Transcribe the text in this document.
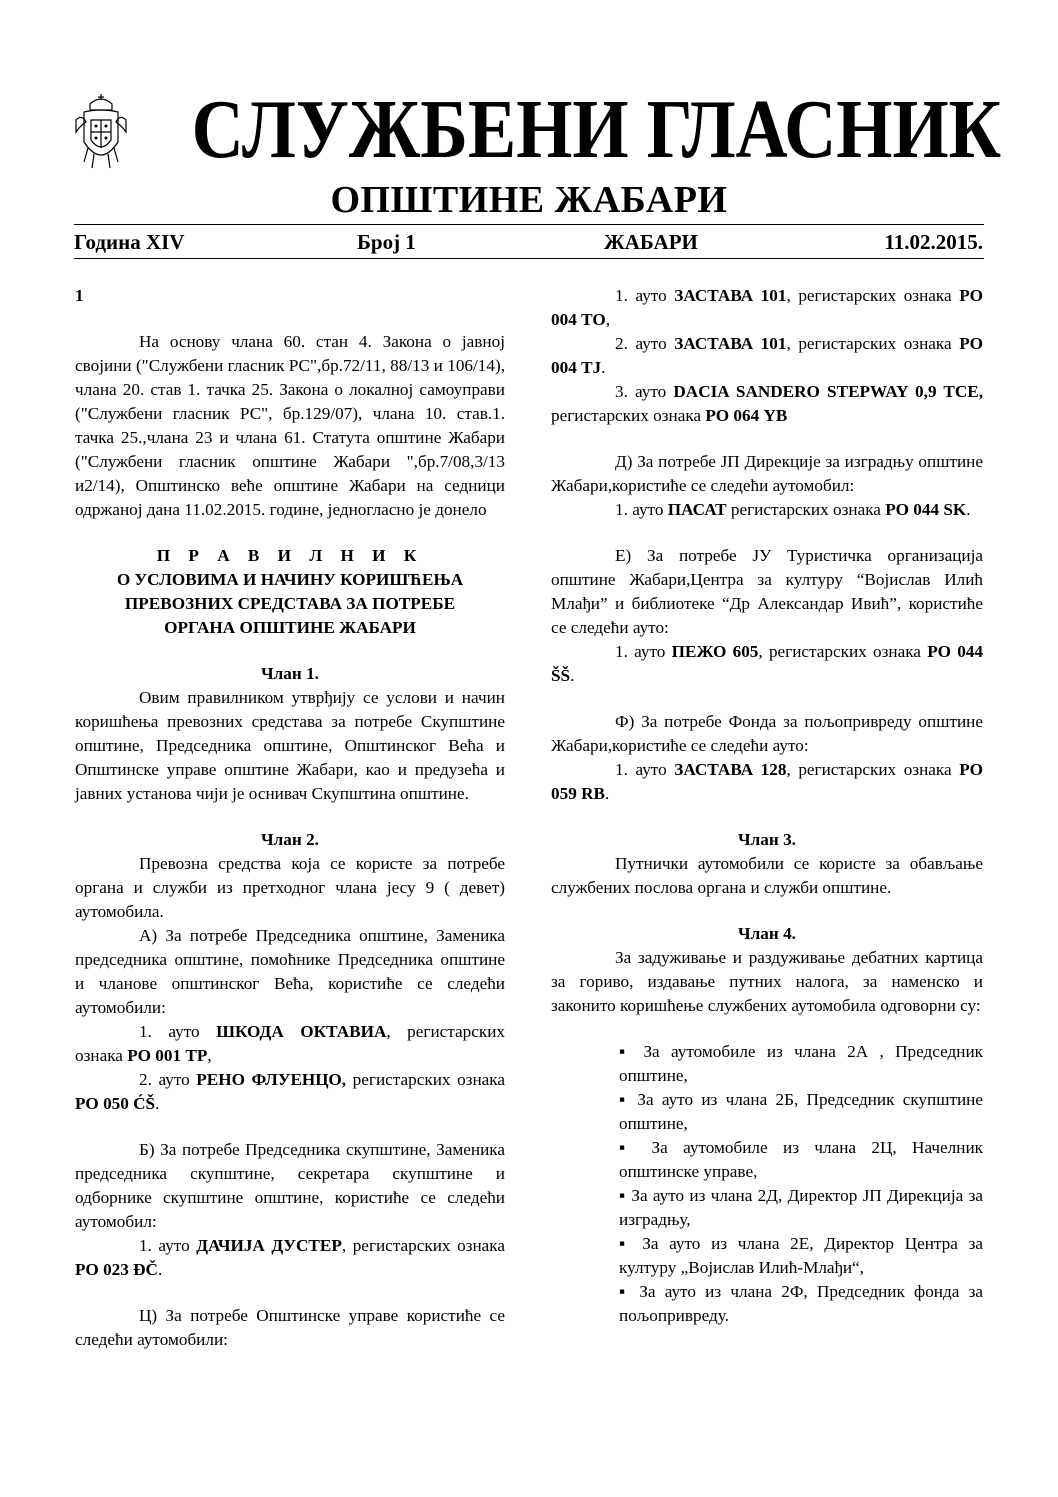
СЛУЖБЕНИ ГЛАСНИК
ОПШТИНЕ ЖАБАРИ
Година XIV	Број 1	ЖАБАРИ	11.02.2015.
1
На основу члана 60. стан 4. Закона о јавној својини ("Службени гласник РС",бр.72/11, 88/13 и 106/14), члана 20. став 1. тачка 25. Закона о локалној самоуправи ("Службени гласник РС", бр.129/07), члана 10. став.1. тачка 25.,члана 23 и члана 61. Статута општине Жабари ("Службени гласник општине Жабари ",бр.7/08,3/13 и2/14), Општинско веће општине Жабари на седници одржаној дана 11.02.2015. године, једногласно је донело
П Р А В И Л Н И К
О УСЛОВИМА И НАЧИНУ КОРИШЋЕЊА
ПРЕВОЗНИХ СРЕДСТАВА ЗА ПОТРЕБЕ
ОРГАНА ОПШТИНЕ ЖАБАРИ
Члан 1.
Овим правилником утврђију се услови и начин коришћења превозних средстава за потребе Скупштине општине, Председника општине, Општинског Већа и Општинске управе општине Жабари, као и предузећа и јавних установа чији је оснивач Скупштина општине.
Члан 2.
Превозна средства која се користе за потребе органа и служби из претходног члана јесу 9 ( девет) аутомобила.
А) За потребе Председника општине, Заменика председника општине, помоћнике Председника општине и чланове општинског Већа, користиће се следећи аутомобили:
1. ауто ШКОДА ОКТАВИА, регистарских ознака РО 001 ТР,
2. ауто РЕНО ФЛУЕНЦО, регистарских ознака РО 050 ĆŠ.
Б) За потребе Председника скупштине, Заменика председника скупштине, секретара скупштине и одборнике скупштине општине, користиће се следећи аутомобил:
1. ауто ДАЧИЈА ДУСТЕР, регистарских ознака РО 023 ĐČ.
Ц) За потребе Општинске управе користиће се следећи аутомобили:
1. ауто ЗАСТАВА 101, регистарских ознака РО 004 ТО,
2. ауто ЗАСТАВА 101, регистарских ознака РО 004 TJ.
3. ауто DACIA SANDERO STEPWAY 0,9 TCE, регистарских ознака РО 064 YB
Д) За потребе ЈП Дирекције за изградњу општине Жабари,користиће се следећи аутомобил:
1. ауто ПАСАТ регистарских ознака РО 044 SK.
Е) За потребе ЈУ Туристичка организација општине Жабари,Центра за културу “Војислав Илић Млађи” и библиотеке “Др Александар Ивић”, користиће се следећи ауто:
1. ауто ПЕЖО 605, регистарских ознака РО 044 ŠŠ.
Ф) За потребе Фонда за пољопривреду општине Жабари,користиће се следећи ауто:
1. ауто ЗАСТАВА 128, регистарских ознака РО 059 RB.
Члан 3.
Путнички аутомобили се користе за обављање службених послова органа и служби општине.
Члан 4.
За задуживање и раздуживање дебатних картица за гориво, издавање путних налога, за наменско и законито коришћење службених аутомобила одговорни су:
▪ За аутомобиле из члана 2А , Председник општине,
▪ За ауто из члана 2Б, Председник скупштине општине,
▪ За аутомобиле из члана 2Ц, Начелник општинске управе,
▪ За ауто из члана 2Д, Директор ЈП Дирекција за изградњу,
▪ За ауто из члана 2Е, Директор Центра за културу „Војислав Илић-Млађи“,
▪ За ауто из члана 2Ф, Председник фонда за пољопривреду.
